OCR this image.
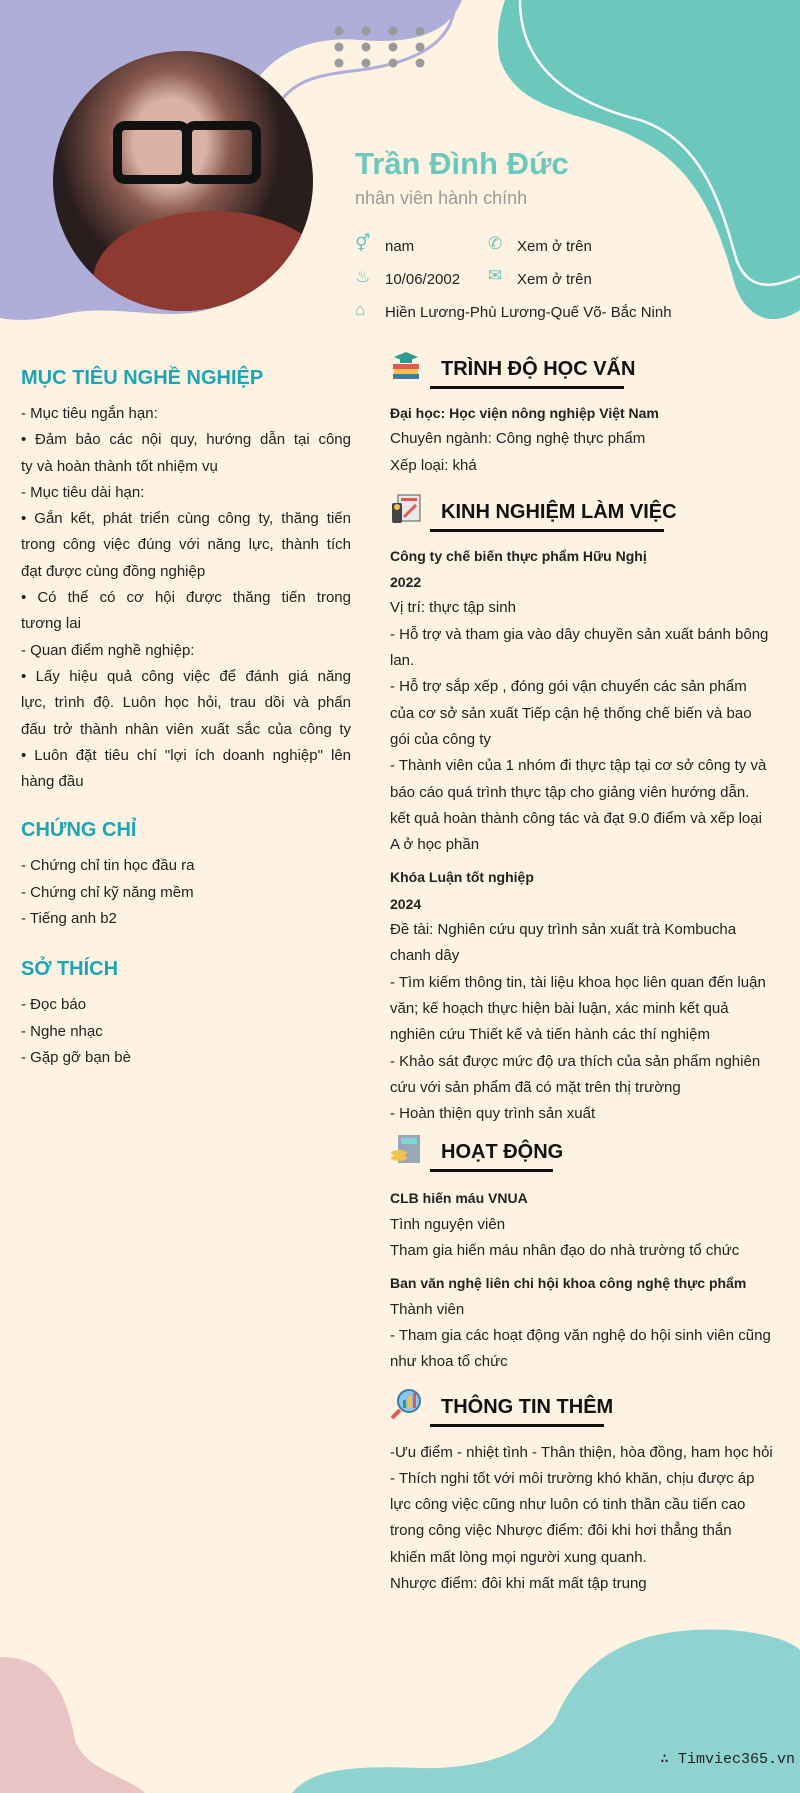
Trần Đình Đức
nhân viên hành chính
⚥ nam	✆ Xem ở trên
♨ 10/06/2002 ✉ Xem ở trên
⌂ Hiền Lương-Phù Lương-Quế Võ- Bắc Ninh
MỤC TIÊU NGHỀ NGHIỆP
- Mục tiêu ngắn hạn:
• Đảm bảo các nội quy, hướng dẫn tại công
ty và hoàn thành tốt nhiệm vụ
- Mục tiêu dài hạn:
• Gắn kết, phát triển cùng công ty, thăng tiến
trong công việc đúng với năng lực, thành tích
đạt được cùng đồng nghiệp
• Có thể có cơ hội được thăng tiến trong
tương lai
- Quan điểm nghề nghiệp:
• Lấy hiệu quả công việc để đánh giá năng
lực, trình độ. Luôn học hỏi, trau dồi và phấn
đấu trở thành nhân viên xuất sắc của công ty
• Luôn đặt tiêu chí "lợi ích doanh nghiệp" lên
hàng đầu
CHỨNG CHỈ
- Chứng chỉ tin học đầu ra
- Chứng chỉ kỹ năng mềm
- Tiếng anh b2
SỞ THÍCH
- Đọc báo
- Nghe nhạc
- Gặp gỡ bạn bè
TRÌNH ĐỘ HỌC VẤN
Đại học: Học viện nông nghiệp Việt Nam
Chuyên ngành: Công nghệ thực phẩm
Xếp loại: khá
KINH NGHIỆM LÀM VIỆC
Công ty chế biến thực phẩm Hữu Nghị
2022
Vị trí: thực tập sinh
- Hỗ trợ và tham gia vào dây chuyền sản xuất bánh bông
lan.
- Hỗ trợ sắp xếp , đóng gói vận chuyển các sản phẩm
của cơ sở sản xuất Tiếp cận hệ thống chế biến và bao
gói của công ty
- Thành viên của 1 nhóm đi thực tập tại cơ sở công ty và
báo cáo quá trình thực tập cho giảng viên hướng dẫn.
kết quả hoàn thành công tác và đạt 9.0 điểm và xếp loại
A ở học phần
Khóa Luận tốt nghiệp
2024
Đề tài: Nghiên cứu quy trình sản xuất trà Kombucha
chanh dây
- Tìm kiếm thông tin, tài liệu khoa học liên quan đến luận
văn; kế hoạch thực hiện bài luận, xác minh kết quả
nghiên cứu Thiết kế và tiến hành các thí nghiệm
- Khảo sát được mức độ ưa thích của sản phẩm nghiên
cứu với sản phẩm đã có mặt trên thị trường
- Hoàn thiện quy trình sản xuất
HOẠT ĐỘNG
CLB hiến máu VNUA
Tình nguyện viên
Tham gia hiến máu nhân đạo do nhà trường tổ chức
Ban văn nghệ liên chi hội khoa công nghệ thực phẩm
Thành viên
- Tham gia các hoạt động văn nghệ do hội sinh viên cũng
như khoa tổ chức
THÔNG TIN THÊM
-Ưu điểm - nhiệt tình - Thân thiện, hòa đồng, ham học hỏi
- Thích nghi tốt với môi trường khó khăn, chịu được áp
lực công việc cũng như luôn có tinh thần cầu tiến cao
trong công việc Nhược điểm: đôi khi hơi thẳng thắn
khiến mất lòng mọi người xung quanh.
Nhược điểm: đôi khi mất mất tập trung
∴ Timviec365.vn
